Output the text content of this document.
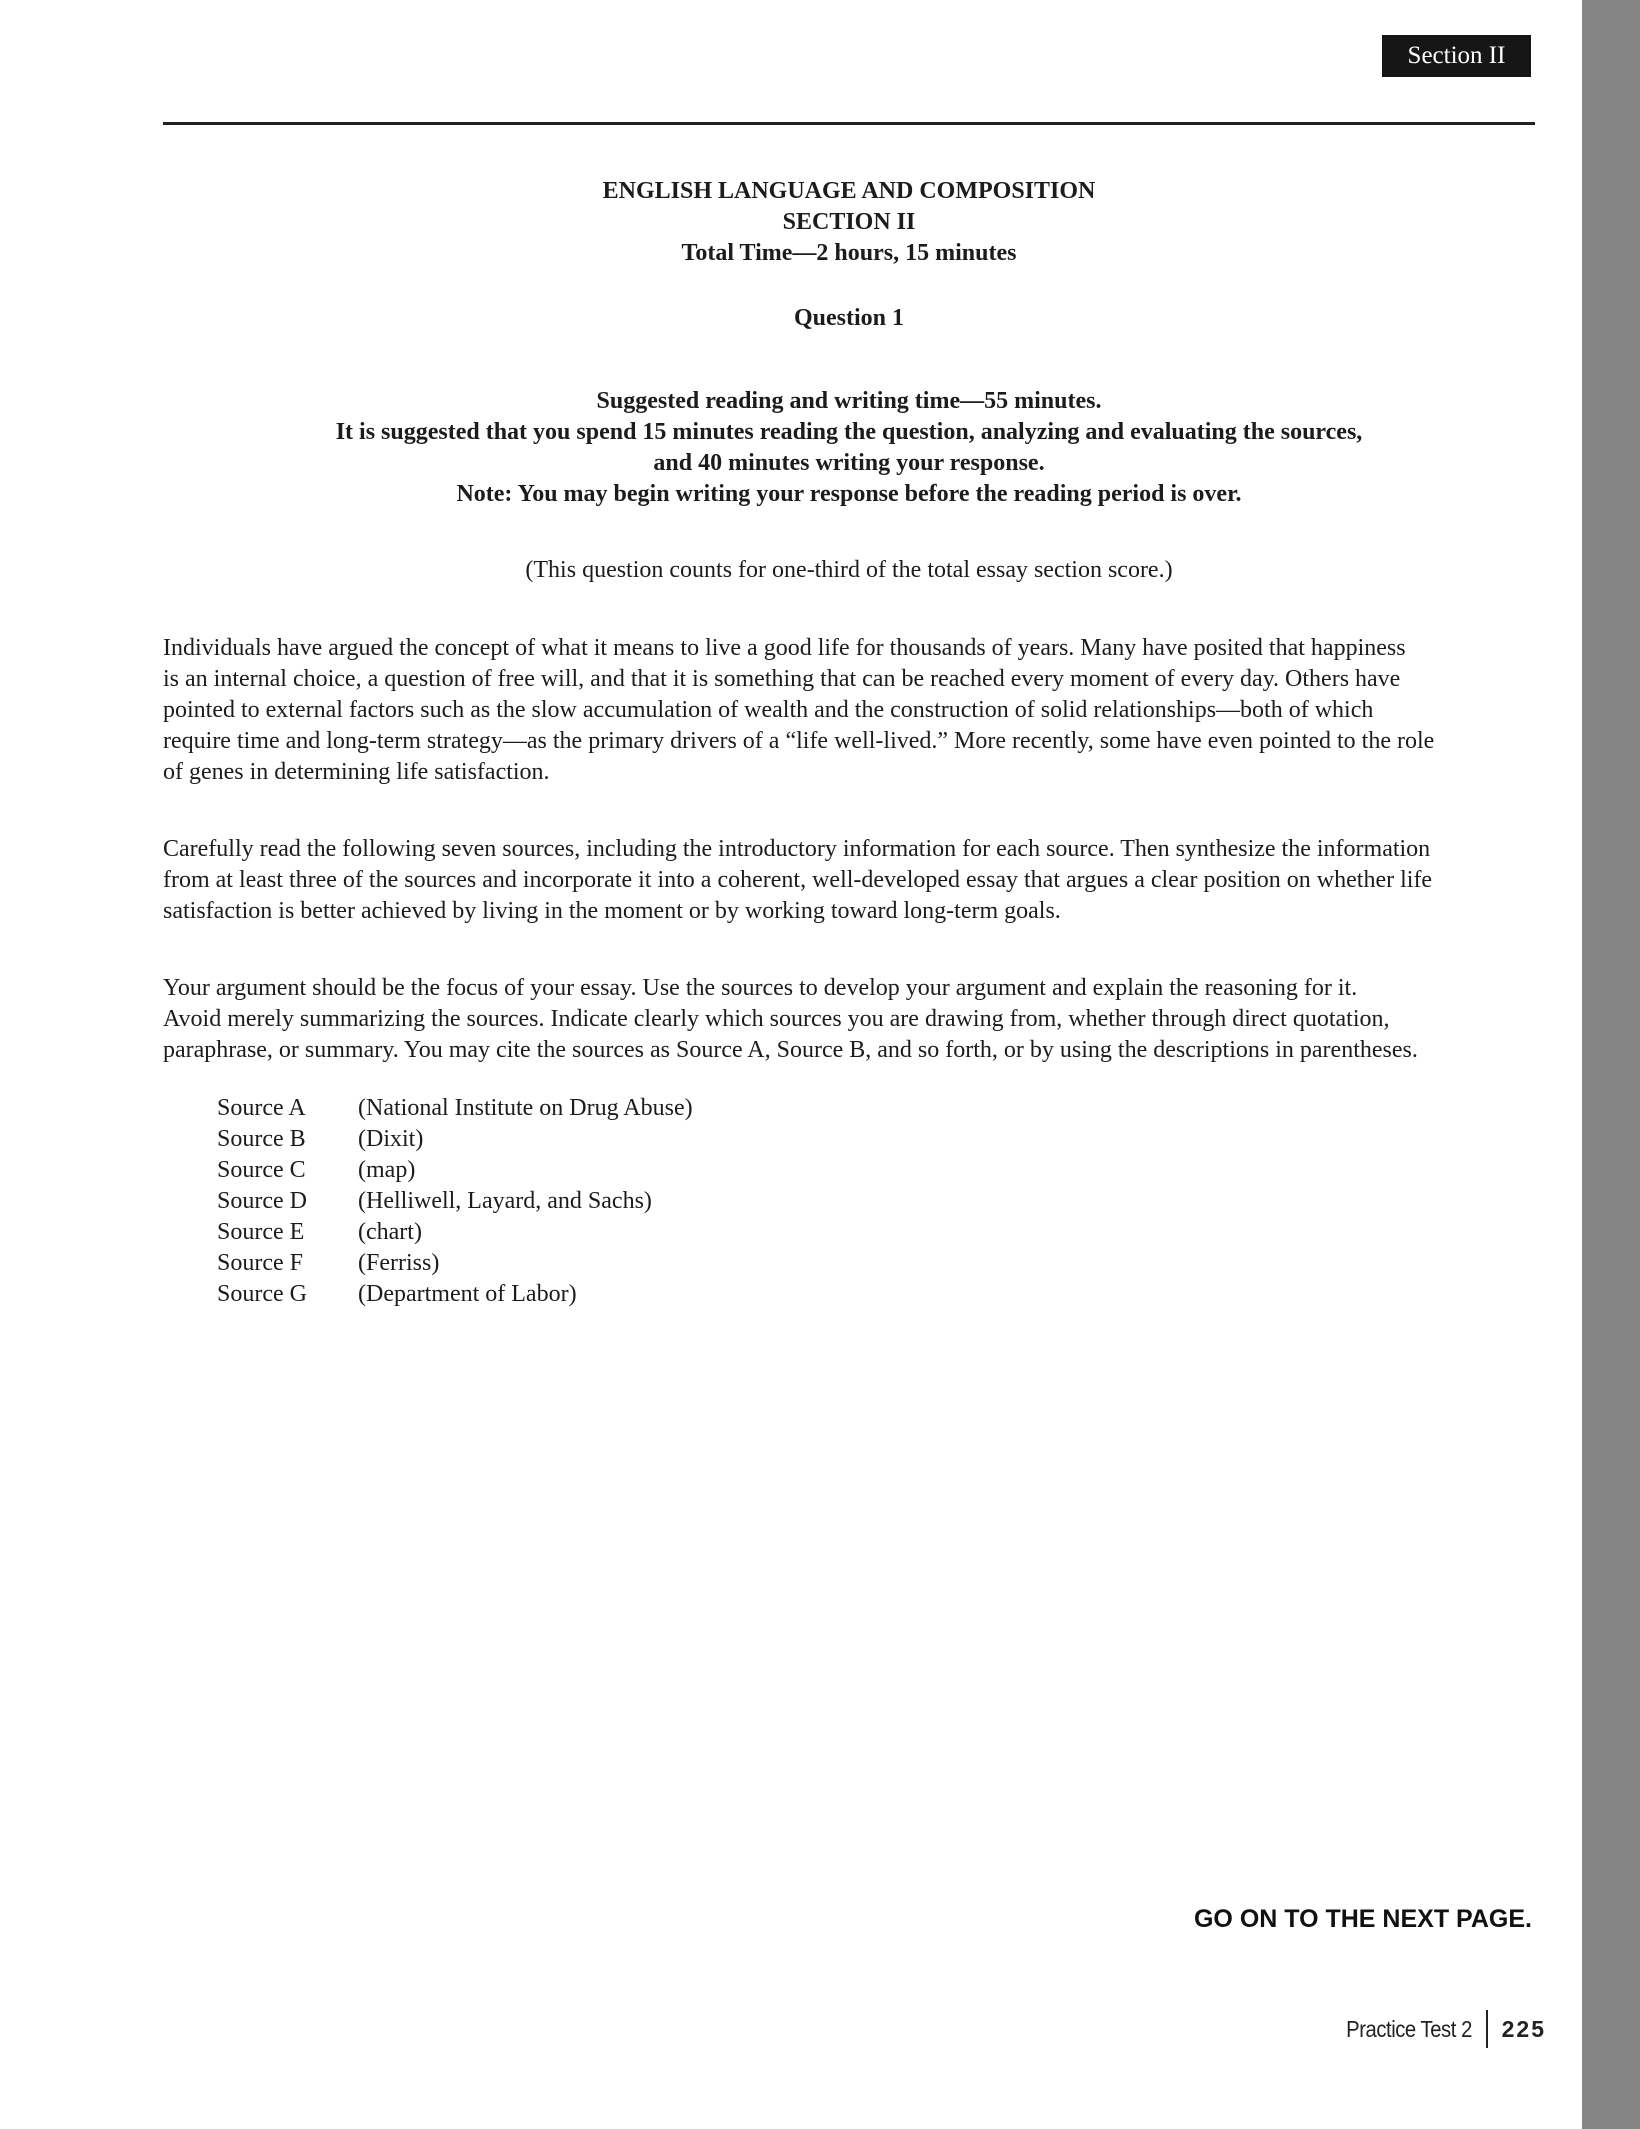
Section II
ENGLISH LANGUAGE AND COMPOSITION
SECTION II
Total Time—2 hours, 15 minutes
Question 1
Suggested reading and writing time—55 minutes.
It is suggested that you spend 15 minutes reading the question, analyzing and evaluating the sources,
and 40 minutes writing your response.
Note: You may begin writing your response before the reading period is over.
(This question counts for one-third of the total essay section score.)

Individuals have argued the concept of what it means to live a good life for thousands of years. Many have posited that happiness
is an internal choice, a question of free will, and that it is something that can be reached every moment of every day. Others have
pointed to external factors such as the slow accumulation of wealth and the construction of solid relationships—both of which
require time and long-term strategy—as the primary drivers of a “life well-lived.” More recently, some have even pointed to the role
of genes in determining life satisfaction.

Carefully read the following seven sources, including the introductory information for each source. Then synthesize the information
from at least three of the sources and incorporate it into a coherent, well-developed essay that argues a clear position on whether life
satisfaction is better achieved by living in the moment or by working toward long-term goals.

Your argument should be the focus of your essay. Use the sources to develop your argument and explain the reasoning for it.
Avoid merely summarizing the sources. Indicate clearly which sources you are drawing from, whether through direct quotation,
paraphrase, or summary. You may cite the sources as Source A, Source B, and so forth, or by using the descriptions in parentheses.

Source A	(National Institute on Drug Abuse)
Source B	(Dixit)
Source C	(map)
Source D	(Helliwell, Layard, and Sachs)
Source E	(chart)
Source F	(Ferriss)
Source G	(Department of Labor)
GO ON TO THE NEXT PAGE.
Practice Test 2 225
